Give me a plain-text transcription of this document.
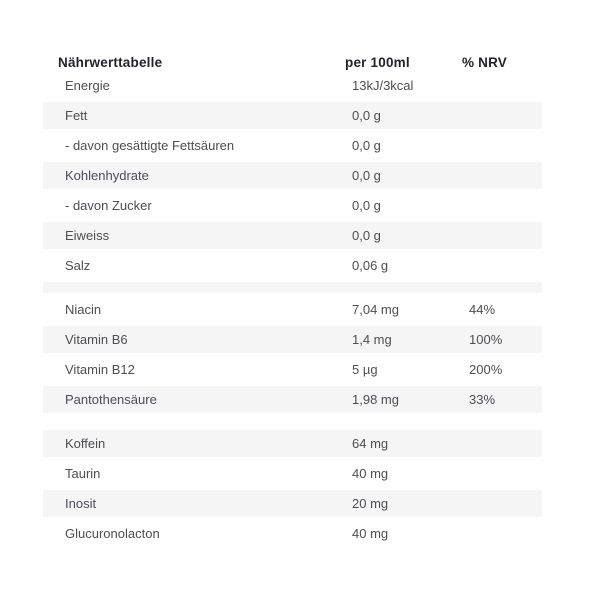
Nährwerttabelle	per 100ml	% NRV
Energie	13kJ/3kcal
Fett	0,0 g
- davon gesättigte Fettsäuren	0,0 g
Kohlenhydrate	0,0 g
- davon Zucker	0,0 g
Eiweiss	0,0 g
Salz	0,06 g
Niacin	7,04 mg	44%
Vitamin B6	1,4 mg	100%
Vitamin B12	5 µg	200%
Pantothensäure	1,98 mg	33%
Koffein	64 mg
Taurin	40 mg
Inosit	20 mg
Glucuronolacton	40 mg
